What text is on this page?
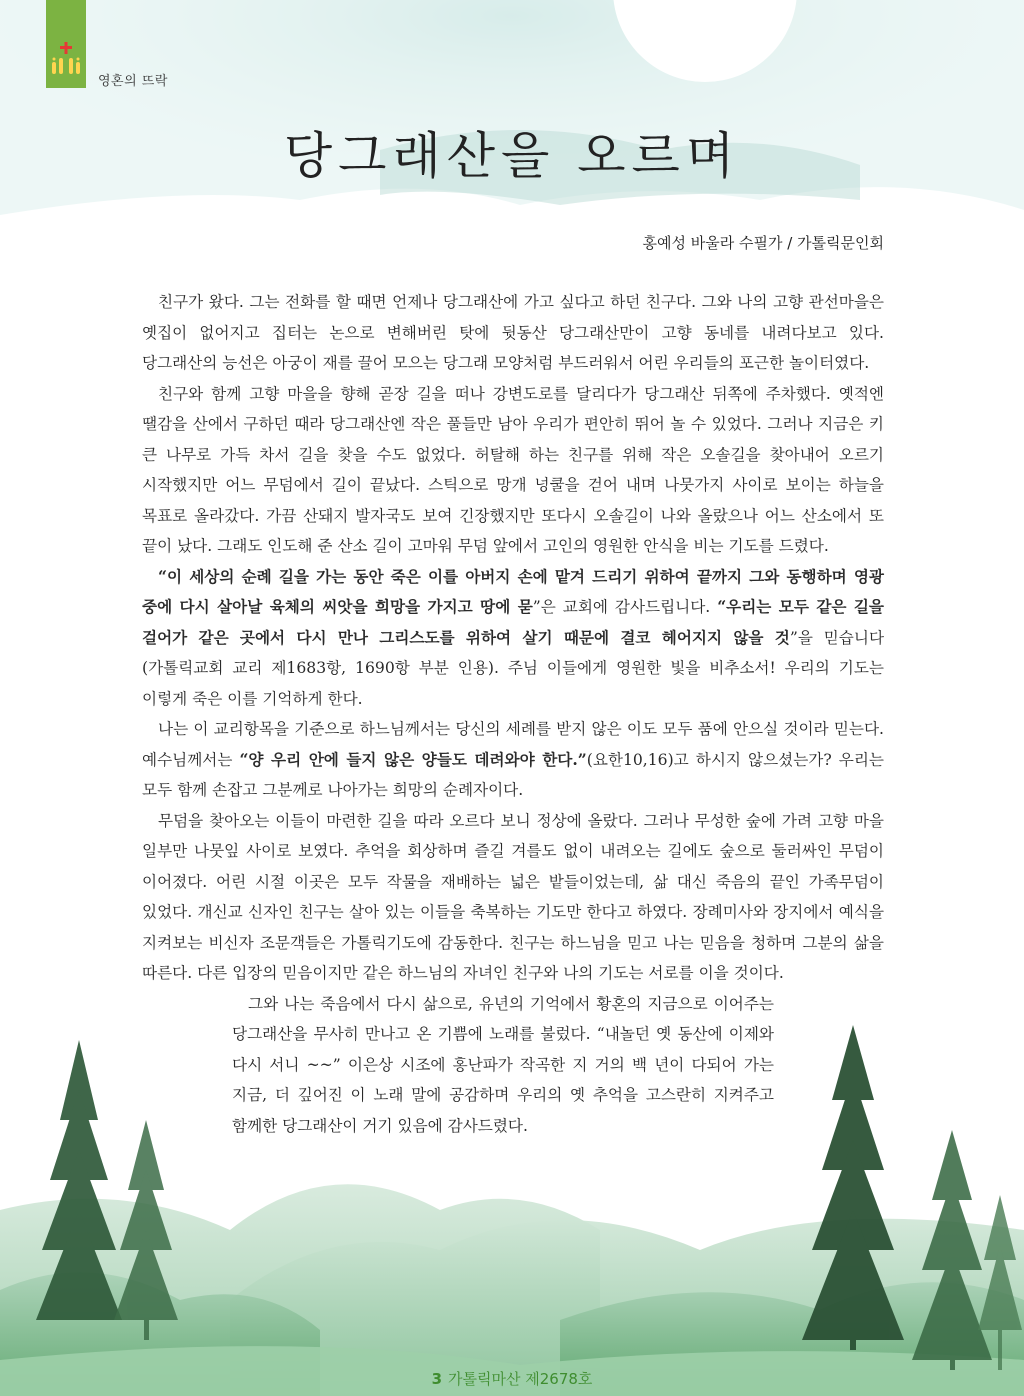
영혼의 뜨락
당그래산을 오르며
홍예성 바울라 수필가 / 가톨릭문인회

친구가 왔다. 그는 전화를 할 때면 언제나 당그래산에 가고 싶다고 하던 친구다. 그와 나의 고향 관선마을은 옛집이 없어지고 집터는 논으로 변해버린 탓에 뒷동산 당그래산만이 고향 동네를 내려다보고 있다. 당그래산의 능선은 아궁이 재를 끌어 모으는 당그래 모양처럼 부드러워서 어린 우리들의 포근한 놀이터였다.

친구와 함께 고향 마을을 향해 곧장 길을 떠나 강변도로를 달리다가 당그래산 뒤쪽에 주차했다. 옛적엔 땔감을 산에서 구하던 때라 당그래산엔 작은 풀들만 남아 우리가 편안히 뛰어 놀 수 있었다. 그러나 지금은 키 큰 나무로 가득 차서 길을 찾을 수도 없었다. 허탈해 하는 친구를 위해 작은 오솔길을 찾아내어 오르기 시작했지만 어느 무덤에서 길이 끝났다. 스틱으로 망개 넝쿨을 걷어 내며 나뭇가지 사이로 보이는 하늘을 목표로 올라갔다. 가끔 산돼지 발자국도 보여 긴장했지만 또다시 오솔길이 나와 올랐으나 어느 산소에서 또 끝이 났다. 그래도 인도해 준 산소 길이 고마워 무덤 앞에서 고인의 영원한 안식을 비는 기도를 드렸다.

“이 세상의 순례 길을 가는 동안 죽은 이를 아버지 손에 맡겨 드리기 위하여 끝까지 그와 동행하며 영광 중에 다시 살아날 육체의 씨앗을 희망을 가지고 땅에 묻”은 교회에 감사드립니다. “우리는 모두 같은 길을 걸어가 같은 곳에서 다시 만나 그리스도를 위하여 살기 때문에 결코 헤어지지 않을 것”을 믿습니다(가톨릭교회 교리 제1683항, 1690항 부분 인용). 주님 이들에게 영원한 빛을 비추소서! 우리의 기도는 이렇게 죽은 이를 기억하게 한다.

나는 이 교리항목을 기준으로 하느님께서는 당신의 세례를 받지 않은 이도 모두 품에 안으실 것이라 믿는다. 예수님께서는 “양 우리 안에 들지 않은 양들도 데려와야 한다.”(요한10,16)고 하시지 않으셨는가? 우리는 모두 함께 손잡고 그분께로 나아가는 희망의 순례자이다.

무덤을 찾아오는 이들이 마련한 길을 따라 오르다 보니 정상에 올랐다. 그러나 무성한 숲에 가려 고향 마을 일부만 나뭇잎 사이로 보였다. 추억을 회상하며 즐길 겨를도 없이 내려오는 길에도 숲으로 둘러싸인 무덤이 이어졌다. 어린 시절 이곳은 모두 작물을 재배하는 넓은 밭들이었는데, 삶 대신 죽음의 끝인 가족무덤이 있었다. 개신교 신자인 친구는 살아 있는 이들을 축복하는 기도만 한다고 하였다. 장례미사와 장지에서 예식을 지켜보는 비신자 조문객들은 가톨릭기도에 감동한다. 친구는 하느님을 믿고 나는 믿음을 청하며 그분의 삶을 따른다. 다른 입장의 믿음이지만 같은 하느님의 자녀인 친구와 나의 기도는 서로를 이을 것이다.

그와 나는 죽음에서 다시 삶으로, 유년의 기억에서 황혼의 지금으로 이어주는 당그래산을 무사히 만나고 온 기쁨에 노래를 불렀다. “내놀던 옛 동산에 이제와 다시 서니 ~~” 이은상 시조에 홍난파가 작곡한 지 거의 백 년이 다되어 가는 지금, 더 깊어진 이 노래 말에 공감하며 우리의 옛 추억을 고스란히 지켜주고 함께한 당그래산이 거기 있음에 감사드렸다.

3 가톨릭마산 제2678호
